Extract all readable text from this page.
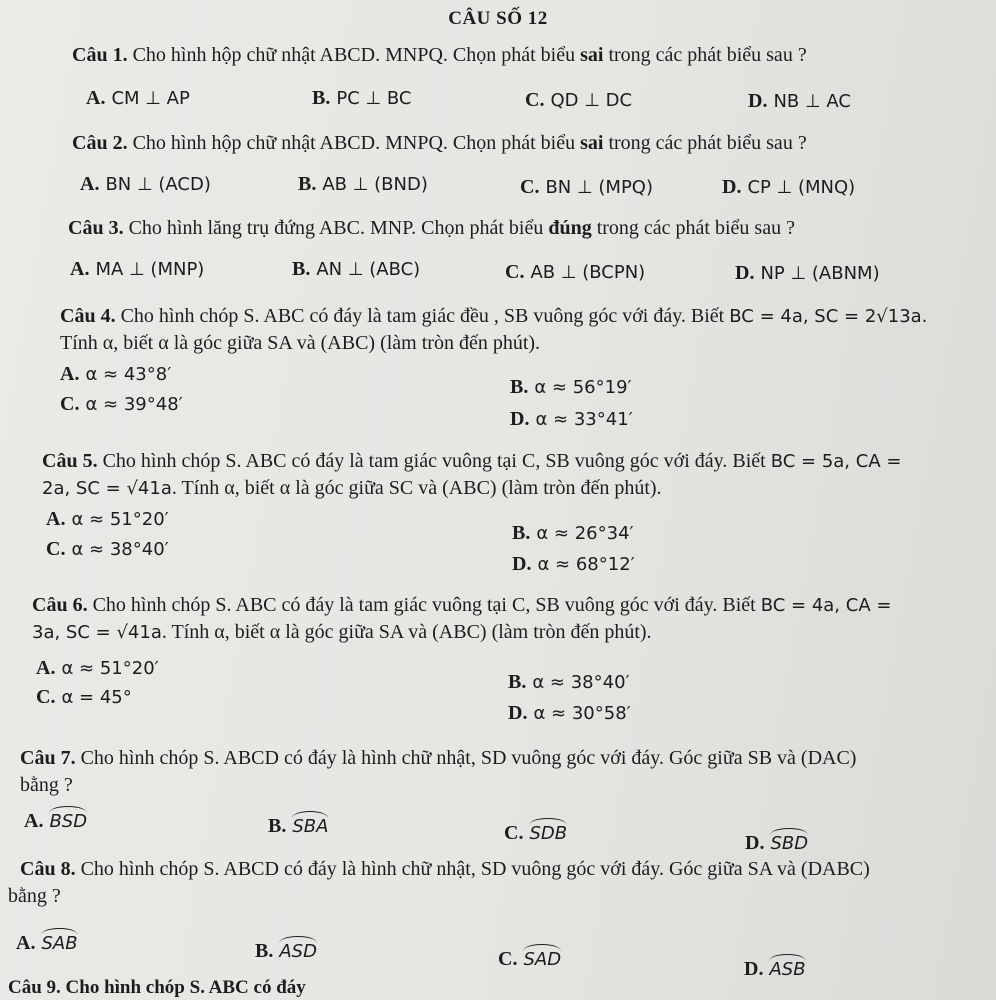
CÂU SỐ 12
Câu 1. Cho hình hộp chữ nhật ABCD. MNPQ. Chọn phát biểu sai trong các phát biểu sau ?
A. CM ⊥ AP	B. PC ⊥ BC	C. QD ⊥ DC	D. NB ⊥ AC
Câu 2. Cho hình hộp chữ nhật ABCD. MNPQ. Chọn phát biểu sai trong các phát biểu sau ?
A. BN ⊥ (ACD)	B. AB ⊥ (BND)	C. BN ⊥ (MPQ)	D. CP ⊥ (MNQ)
Câu 3. Cho hình lăng trụ đứng ABC. MNP. Chọn phát biểu đúng trong các phát biểu sau ?
A. MA ⊥ (MNP)	B. AN ⊥ (ABC)	C. AB ⊥ (BCPN)	D. NP ⊥ (ABNM)
Câu 4. Cho hình chóp S. ABC có đáy là tam giác đều , SB vuông góc với đáy. Biết BC = 4a, SC = 2√13a.
Tính α, biết α là góc giữa SA và (ABC) (làm tròn đến phút).
A. α ≈ 43°8′
B. α ≈ 56°19′
C. α ≈ 39°48′
D. α ≈ 33°41′
Câu 5. Cho hình chóp S. ABC có đáy là tam giác vuông tại C, SB vuông góc với đáy. Biết BC = 5a, CA =
2a, SC = √41a. Tính α, biết α là góc giữa SC và (ABC) (làm tròn đến phút).
A. α ≈ 51°20′
B. α ≈ 26°34′
C. α ≈ 38°40′
D. α ≈ 68°12′
Câu 6. Cho hình chóp S. ABC có đáy là tam giác vuông tại C, SB vuông góc với đáy. Biết BC = 4a, CA =
3a, SC = √41a. Tính α, biết α là góc giữa SA và (ABC) (làm tròn đến phút).
A. α ≈ 51°20′
B. α ≈ 38°40′
C. α = 45°
D. α ≈ 30°58′
Câu 7. Cho hình chóp S. ABCD có đáy là hình chữ nhật, SD vuông góc với đáy. Góc giữa SB và (DAC)
bằng ?
A. BSD	B. SBA	C. SDB	D. SBD
Câu 8. Cho hình chóp S. ABCD có đáy là hình chữ nhật, SD vuông góc với đáy. Góc giữa SA và (DABC)
bằng ?
A. SAB	B. ASD	C. SAD	D. ASB
Câu 9. Cho hình chóp S. ABC có đáy
